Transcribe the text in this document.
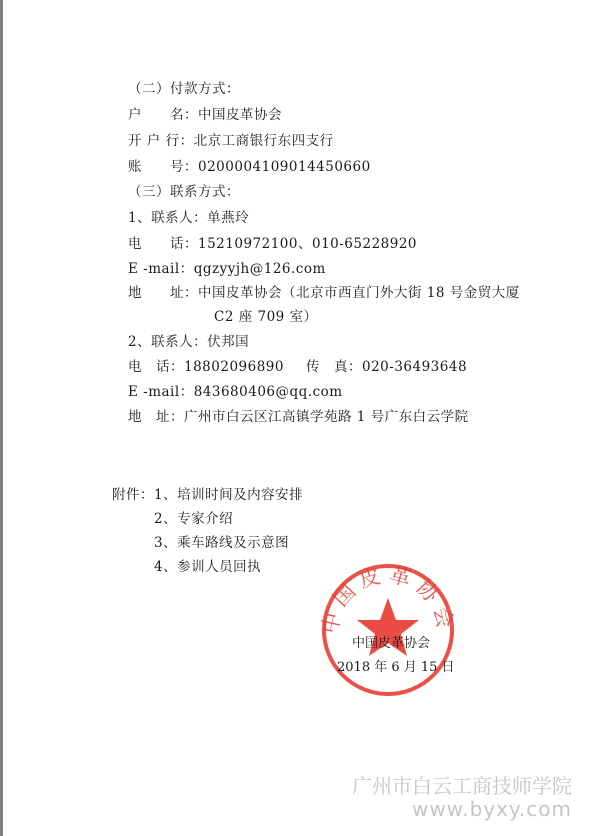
（二）付款方式：
户　　名：中国皮革协会
开 户 行：北京工商银行东四支行
账　　号：0200004109014450660
（三）联系方式：
1、联系人：单燕玲
电　　话：15210972100、010-65228920
E -mail：qgzyyjh@126.com
地　　址：中国皮革协会（北京市西直门外大街 18 号金贸大厦
C2 座 709 室）
2、联系人：伏邦国
电　话：18802096890 传　真：020-36493648
E -mail：843680406@qq.com
地　址：广州市白云区江高镇学苑路 1 号广东白云学院
附件：1、培训时间及内容安排
2、专家介绍
3、乘车路线及示意图
4、参训人员回执
中国皮革协会
中国皮革协会
2018 年 6 月 15 日
广州市白云工商技师学院
www.byxy.com
